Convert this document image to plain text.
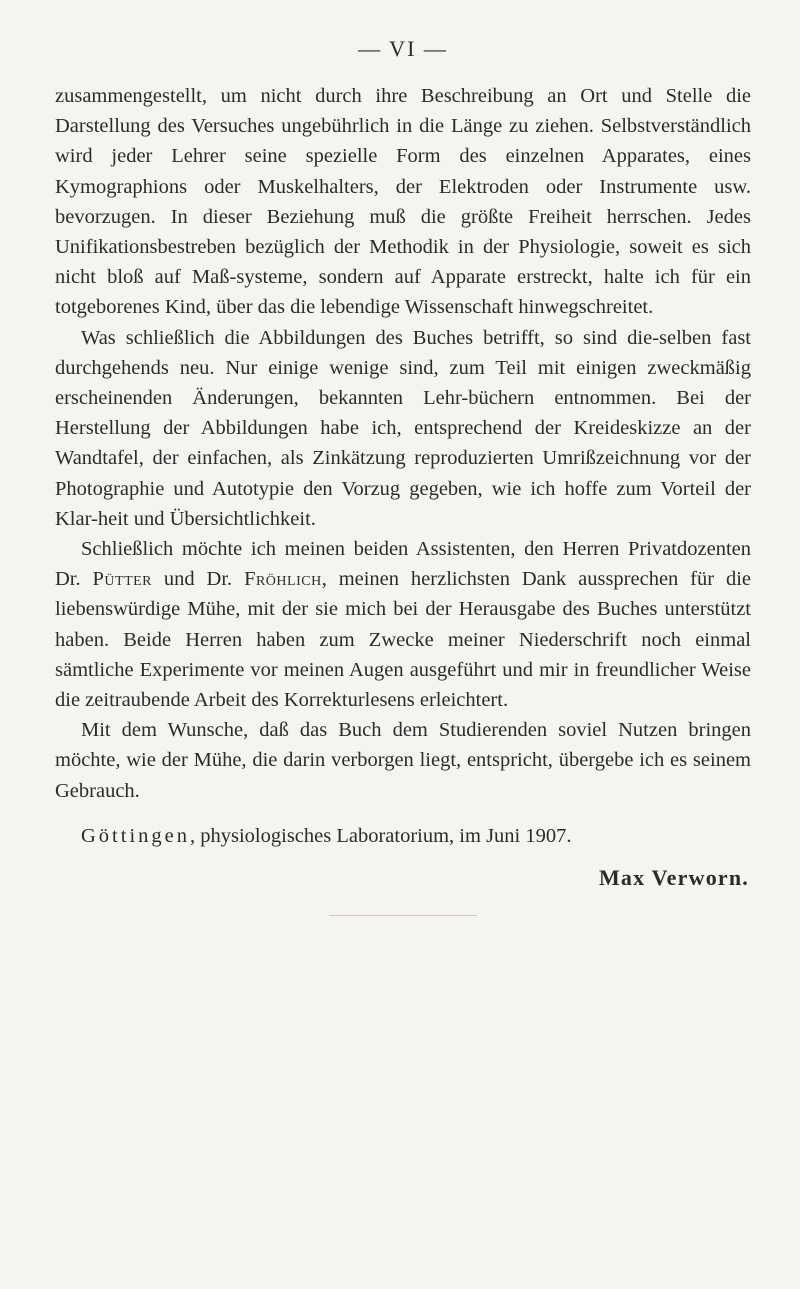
— VI —

zusammengestellt, um nicht durch ihre Beschreibung an Ort und Stelle die Darstellung des Versuches ungebührlich in die Länge zu ziehen. Selbstverständlich wird jeder Lehrer seine spezielle Form des einzelnen Apparates, eines Kymographions oder Muskelhalters, der Elektroden oder Instrumente usw. bevorzugen. In dieser Beziehung muß die größte Freiheit herrschen. Jedes Unifikationsbestreben bezüglich der Methodik in der Physiologie, soweit es sich nicht bloß auf Maß-systeme, sondern auf Apparate erstreckt, halte ich für ein totgeborenes Kind, über das die lebendige Wissenschaft hinwegschreitet.

Was schließlich die Abbildungen des Buches betrifft, so sind die-selben fast durchgehends neu. Nur einige wenige sind, zum Teil mit einigen zweckmäßig erscheinenden Änderungen, bekannten Lehr-büchern entnommen. Bei der Herstellung der Abbildungen habe ich, entsprechend der Kreideskizze an der Wandtafel, der einfachen, als Zinkätzung reproduzierten Umrißzeichnung vor der Photographie und Autotypie den Vorzug gegeben, wie ich hoffe zum Vorteil der Klar-heit und Übersichtlichkeit.

Schließlich möchte ich meinen beiden Assistenten, den Herren Privatdozenten Dr. Pütter und Dr. Fröhlich, meinen herzlichsten Dank aussprechen für die liebenswürdige Mühe, mit der sie mich bei der Herausgabe des Buches unterstützt haben. Beide Herren haben zum Zwecke meiner Niederschrift noch einmal sämtliche Experimente vor meinen Augen ausgeführt und mir in freundlicher Weise die zeitraubende Arbeit des Korrekturlesens erleichtert.

Mit dem Wunsche, daß das Buch dem Studierenden soviel Nutzen bringen möchte, wie der Mühe, die darin verborgen liegt, entspricht, übergebe ich es seinem Gebrauch.

Göttingen, physiologisches Laboratorium, im Juni 1907.
Max Verworn.
